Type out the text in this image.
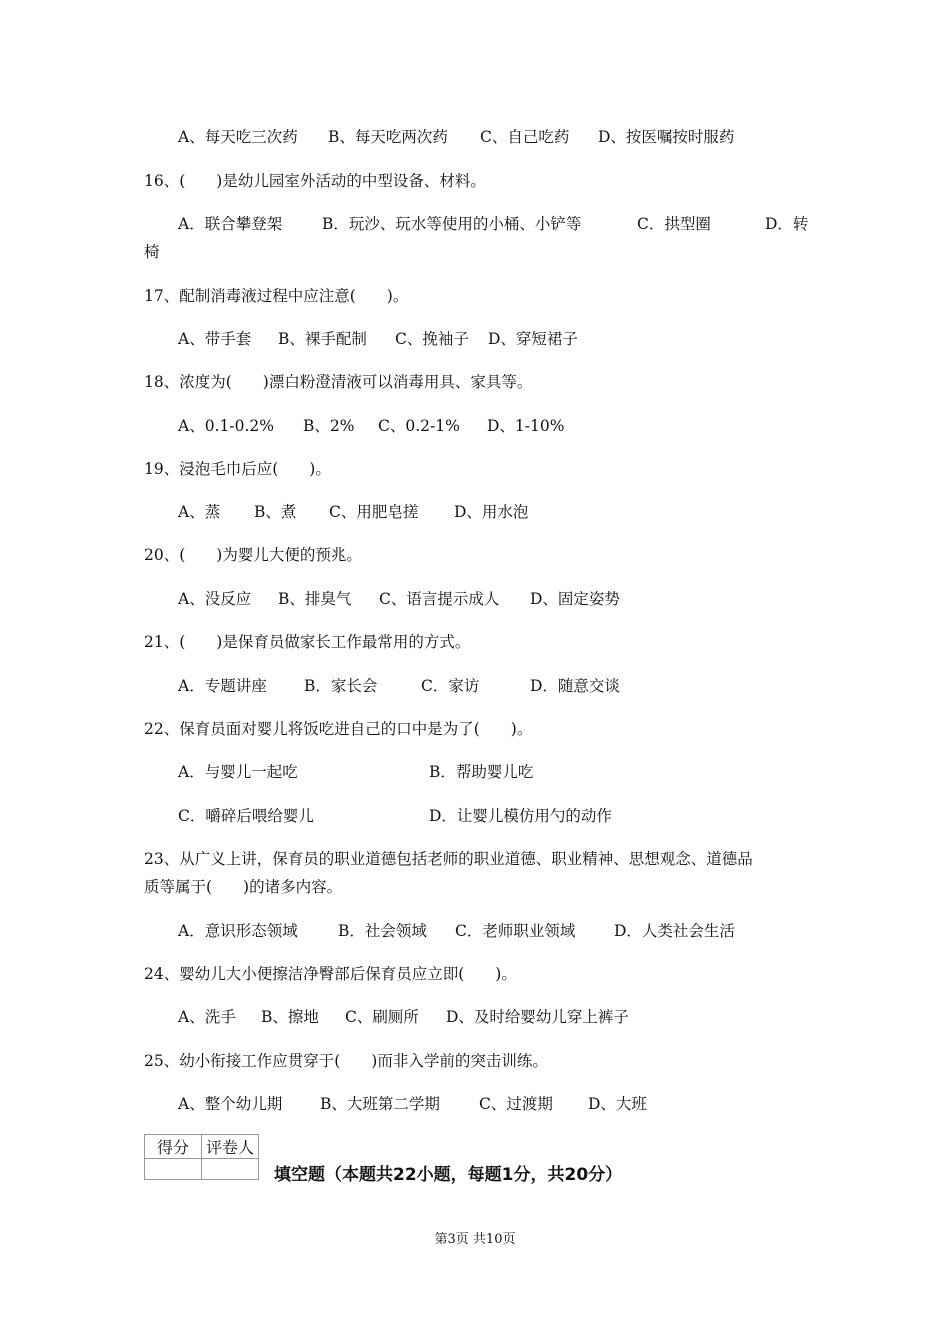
A、每天吃三次药 B、每天吃两次药 C、自己吃药 D、按医嘱按时服药
16、(　　)是幼儿园室外活动的中型设备、材料。
A．联合攀登架	B．玩沙、玩水等使用的小桶、小铲等	C．拱型圈	D．转
椅
17、配制消毒液过程中应注意(　　)。
A、带手套 B、裸手配制 C、挽袖子 D、穿短裙子
18、浓度为(　　)漂白粉澄清液可以消毒用具、家具等。
A、0.1-0.2% B、2% C、0.2-1% D、1-10%
19、浸泡毛巾后应(　　)。
A、蒸 B、煮 C、用肥皂搓 D、用水泡
20、(　　)为婴儿大便的预兆。
A、没反应 B、排臭气 C、语言提示成人 D、固定姿势
21、(　　)是保育员做家长工作最常用的方式。
A．专题讲座 B．家长会	C．家访	D．随意交谈
22、保育员面对婴儿将饭吃进自己的口中是为了(　　)。
A．与婴儿一起吃	B．帮助婴儿吃
C．嚼碎后喂给婴儿	D．让婴儿模仿用勺的动作
23、从广义上讲，保育员的职业道德包括老师的职业道德、职业精神、思想观念、道德品
质等属于(　　)的诸多内容。
A．意识形态领域	B．社会领域 C．老师职业领域 D．人类社会生活
24、婴幼儿大小便擦洁净臀部后保育员应立即(　　)。
A、洗手 B、擦地 C、刷厕所 D、及时给婴幼儿穿上裤子
25、幼小衔接工作应贯穿于(　　)而非入学前的突击训练。
A、整个幼儿期 B、大班第二学期	C、过渡期 D、大班
得分	评卷人

填空题（本题共22小题，每题1分，共20分）
第3页 共10页
